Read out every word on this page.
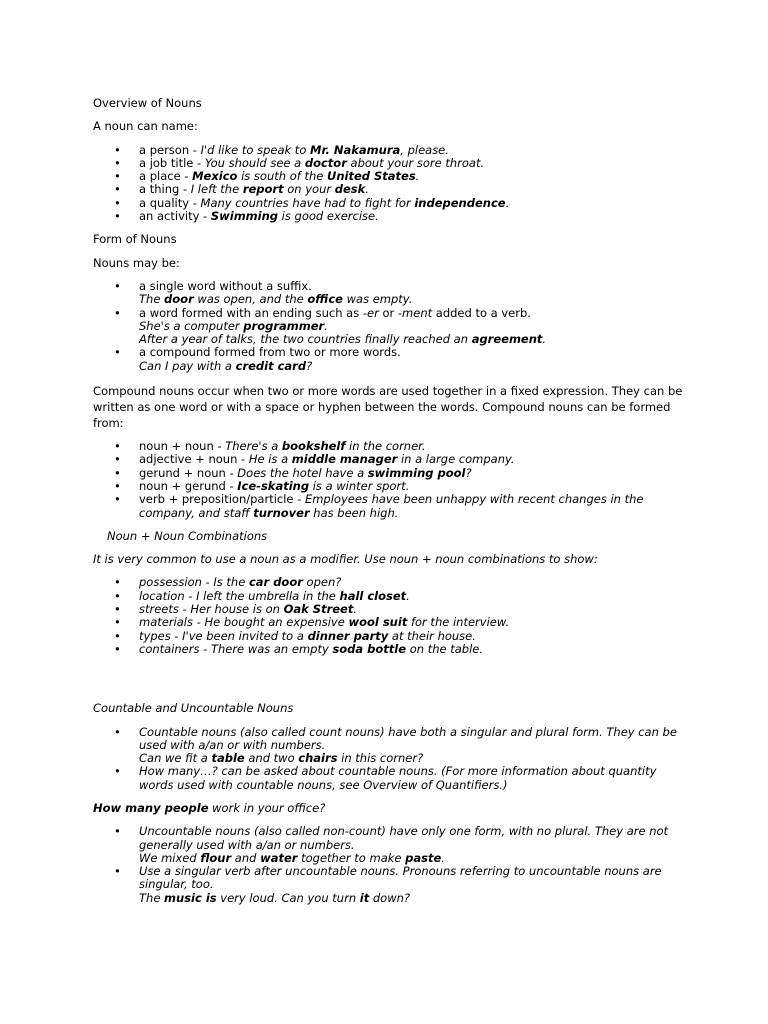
Overview of Nouns

A noun can name:

• a person - I'd like to speak to Mr. Nakamura, please.
• a job title - You should see a doctor about your sore throat.
• a place - Mexico is south of the United States.
• a thing - I left the report on your desk.
• a quality - Many countries have had to fight for independence.
• an activity - Swimming is good exercise.

Form of Nouns

Nouns may be:

• a single word without a suffix.
The door was open, and the office was empty.
• a word formed with an ending such as -er or -ment added to a verb.
She's a computer programmer.
After a year of talks, the two countries finally reached an agreement.
• a compound formed from two or more words.
Can I pay with a credit card?

Compound nouns occur when two or more words are used together in a fixed expression. They can be written as one word or with a space or hyphen between the words. Compound nouns can be formed from:

• noun + noun - There's a bookshelf in the corner.
• adjective + noun - He is a middle manager in a large company.
• gerund + noun - Does the hotel have a swimming pool?
• noun + gerund - Ice-skating is a winter sport.
• verb + preposition/particle - Employees have been unhappy with recent changes in the company, and staff turnover has been high.

Noun + Noun Combinations

It is very common to use a noun as a modifier. Use noun + noun combinations to show:

• possession - Is the car door open?
• location - I left the umbrella in the hall closet.
• streets - Her house is on Oak Street.
• materials - He bought an expensive wool suit for the interview.
• types - I've been invited to a dinner party at their house.
• containers - There was an empty soda bottle on the table.

Countable and Uncountable Nouns

• Countable nouns (also called count nouns) have both a singular and plural form. They can be used with a/an or with numbers.
Can we fit a table and two chairs in this corner?
• How many…? can be asked about countable nouns. (For more information about quantity words used with countable nouns, see Overview of Quantifiers.)

How many people work in your office?

• Uncountable nouns (also called non-count) have only one form, with no plural. They are not generally used with a/an or numbers.
We mixed flour and water together to make paste.
• Use a singular verb after uncountable nouns. Pronouns referring to uncountable nouns are singular, too.
The music is very loud. Can you turn it down?
